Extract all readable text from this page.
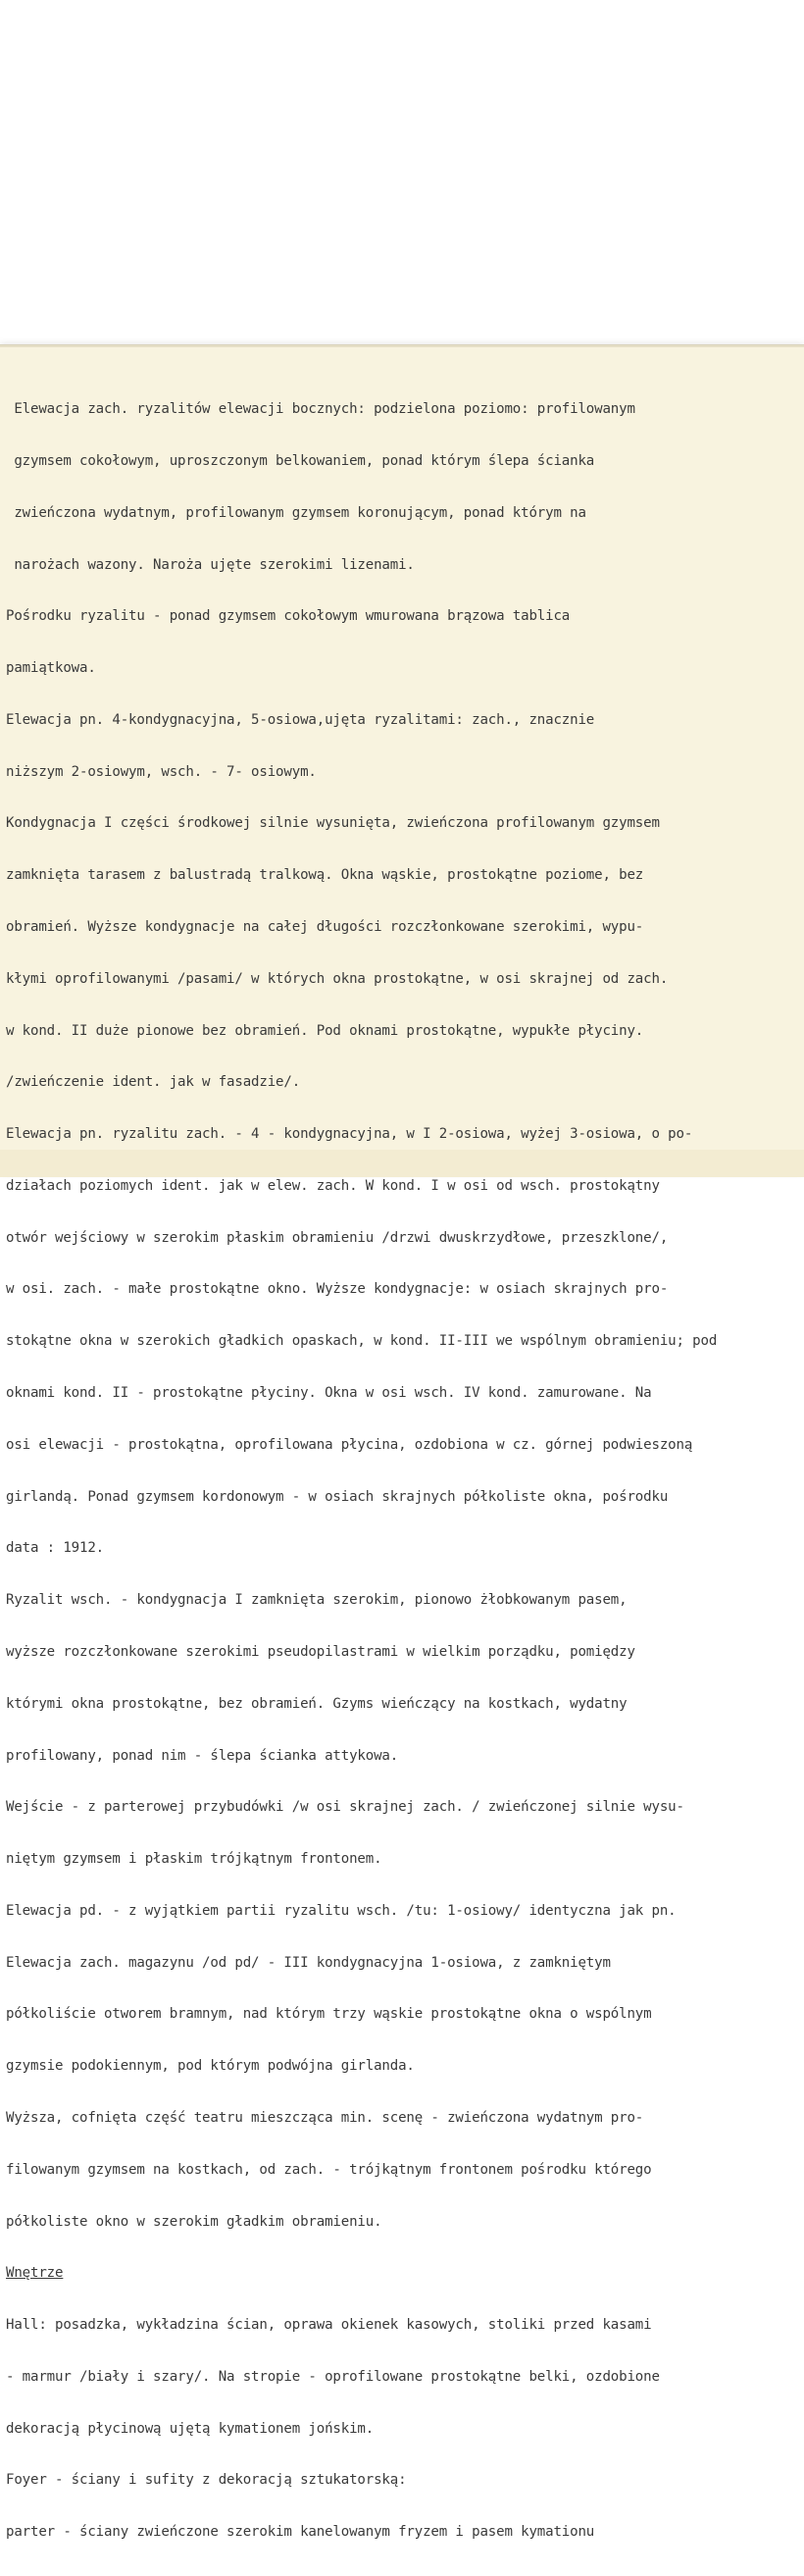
Elewacja zach. ryzalitów elewacji bocznych: podzielona poziomo: profilowanym

gzymsem cokołowym, uproszczonym belkowaniem, ponad którym ślepa ścianka

zwieńczona wydatnym, profilowanym gzymsem koronującym, ponad którym na

narożach wazony. Naroża ujęte szerokimi lizenami.

Pośrodku ryzalitu - ponad gzymsem cokołowym wmurowana brązowa tablica

pamiątkowa.

Elewacja pn. 4-kondygnacyjna, 5-osiowa,ujęta ryzalitami: zach., znacznie

niższym 2-osiowym, wsch. - 7- osiowym.

Kondygnacja I części środkowej silnie wysunięta, zwieńczona profilowanym gzymsem

zamknięta tarasem z balustradą tralkową. Okna wąskie, prostokątne poziome, bez

obramień. Wyższe kondygnacje na całej długości rozczłonkowane szerokimi, wypu-

kłymi oprofilowanymi /pasami/ w których okna prostokątne, w osi skrajnej od zach.

w kond. II duże pionowe bez obramień. Pod oknami prostokątne, wypukłe płyciny.

/zwieńczenie ident. jak w fasadzie/.

Elewacja pn. ryzalitu zach. - 4 - kondygnacyjna, w I 2-osiowa, wyżej 3-osiowa, o po-

działach poziomych ident. jak w elew. zach. W kond. I w osi od wsch. prostokątny

otwór wejściowy w szerokim płaskim obramieniu /drzwi dwuskrzydłowe, przeszklone/,

w osi. zach. - małe prostokątne okno. Wyższe kondygnacje: w osiach skrajnych pro-

stokątne okna w szerokich gładkich opaskach, w kond. II-III we wspólnym obramieniu; pod

oknami kond. II - prostokątne płyciny. Okna w osi wsch. IV kond. zamurowane. Na

osi elewacji - prostokątna, oprofilowana płycina, ozdobiona w cz. górnej podwieszoną

girlandą. Ponad gzymsem kordonowym - w osiach skrajnych półkoliste okna, pośrodku

data : 1912.

Ryzalit wsch. - kondygnacja I zamknięta szerokim, pionowo żłobkowanym pasem,

wyższe rozczłonkowane szerokimi pseudopilastrami w wielkim porządku, pomiędzy

którymi okna prostokątne, bez obramień. Gzyms wieńczący na kostkach, wydatny

profilowany, ponad nim - ślepa ścianka attykowa.

Wejście - z parterowej przybudówki /w osi skrajnej zach. / zwieńczonej silnie wysu-

niętym gzymsem i płaskim trójkątnym frontonem.

Elewacja pd. - z wyjątkiem partii ryzalitu wsch. /tu: 1-osiowy/ identyczna jak pn.

Elewacja zach. magazynu /od pd/ - III kondygnacyjna 1-osiowa, z zamkniętym

półkoliście otworem bramnym, nad którym trzy wąskie prostokątne okna o wspólnym

gzymsie podokiennym, pod którym podwójna girlanda.

Wyższa, cofnięta część teatru mieszcząca min. scenę - zwieńczona wydatnym pro-

filowanym gzymsem na kostkach, od zach. - trójkątnym frontonem pośrodku którego

półkoliste okno w szerokim gładkim obramieniu.

Wnętrze

Hall: posadzka, wykładzina ścian, oprawa okienek kasowych, stoliki przed kasami

- marmur /biały i szary/. Na stropie - oprofilowane prostokątne belki, ozdobione

dekoracją płycinową ujętą kymationem jońskim.

Foyer - ściany i sufity z dekoracją sztukatorską:

parter - ściany zwieńczone szerokim kanelowanym fryzem i pasem kymationu
